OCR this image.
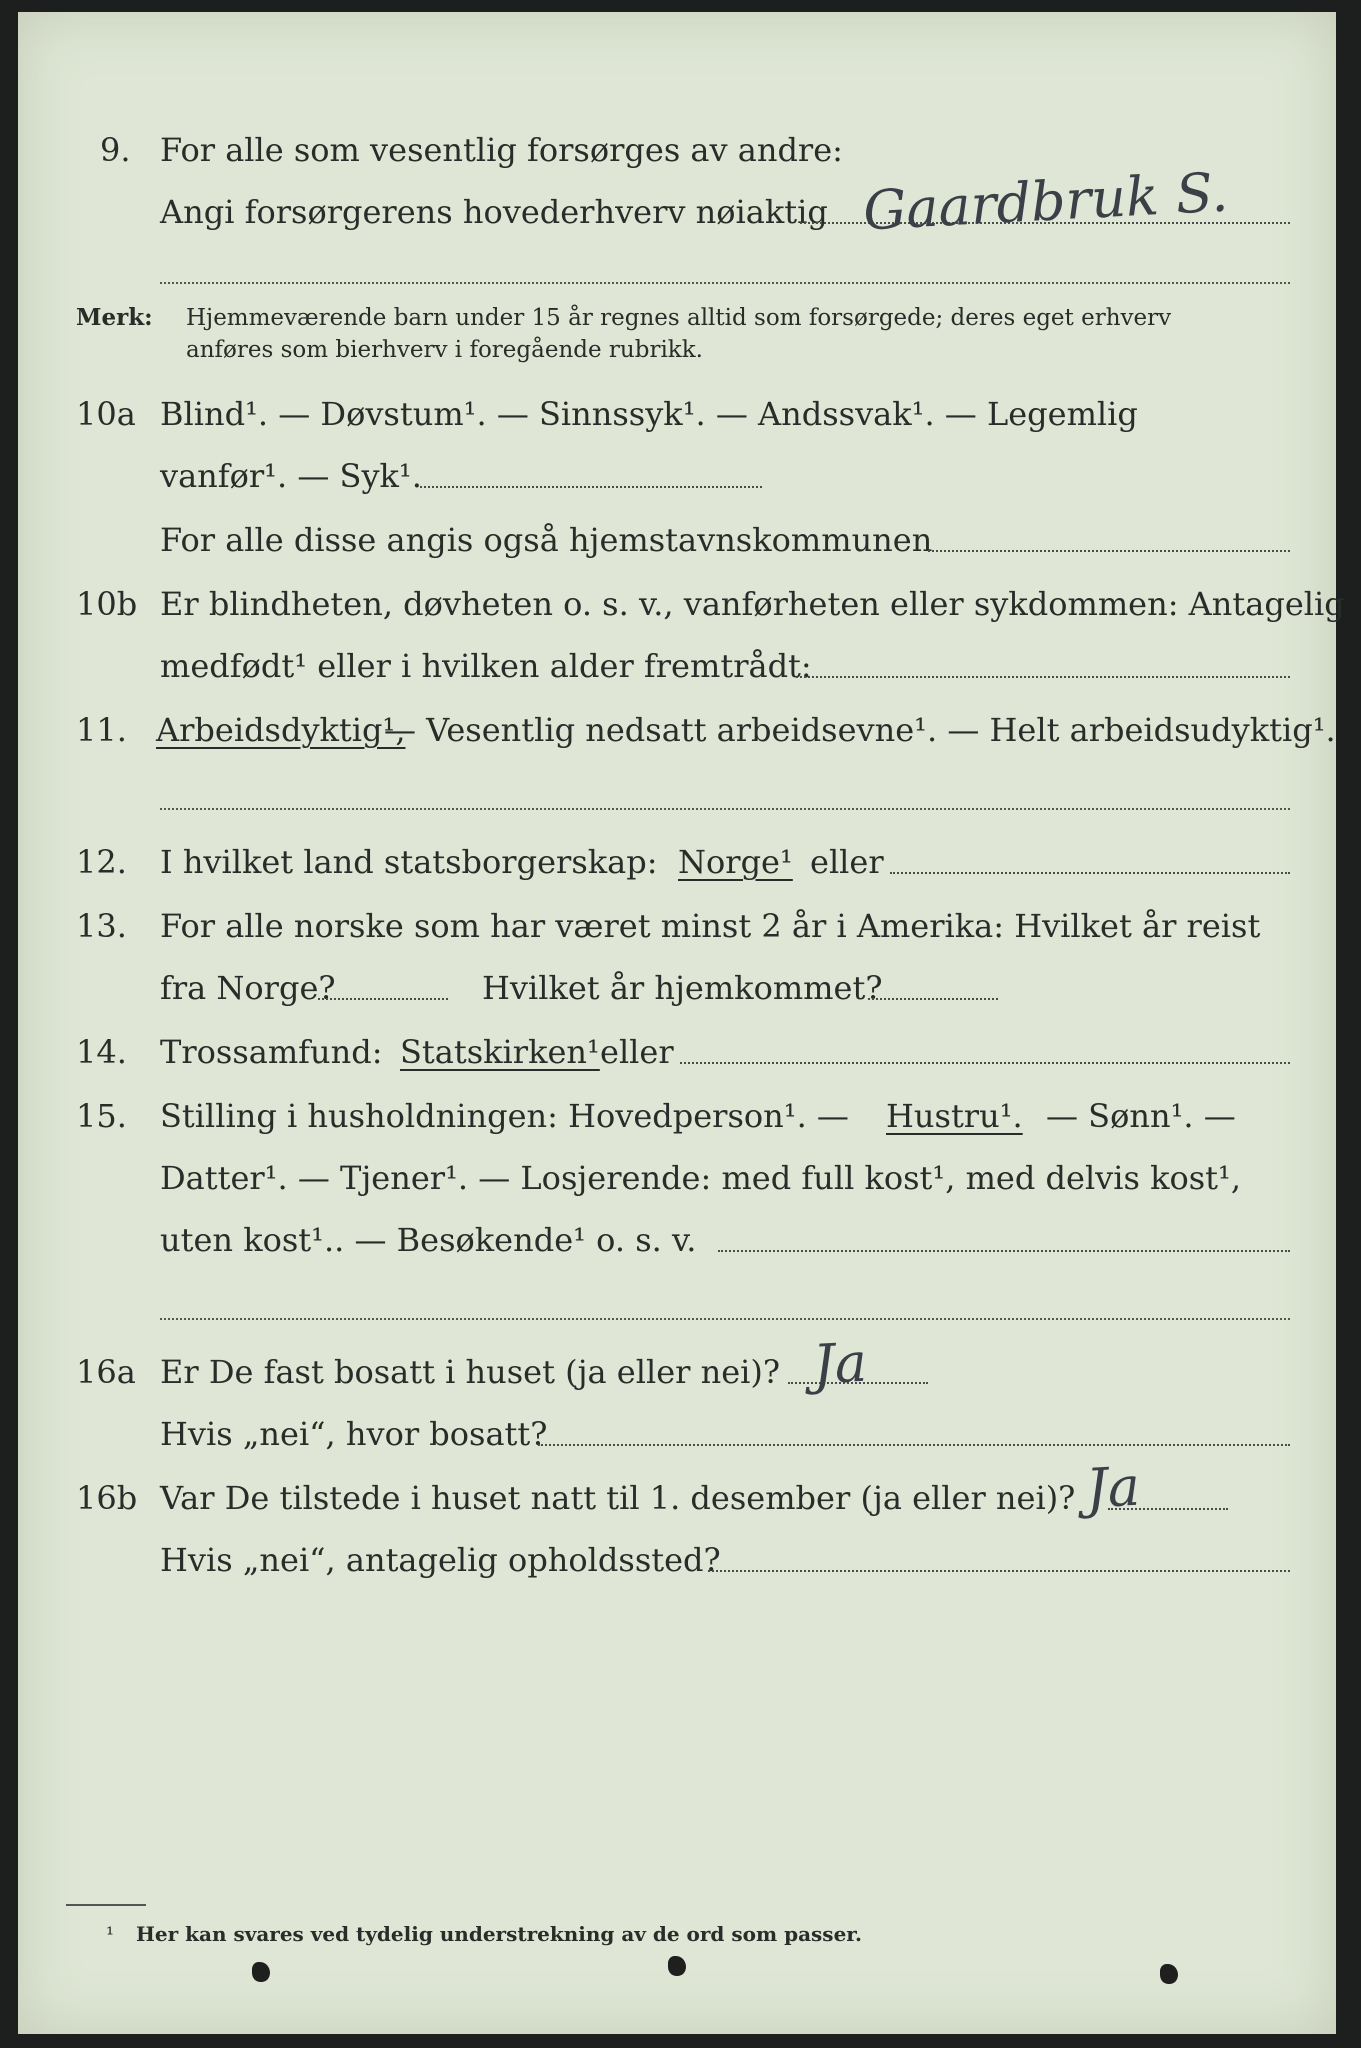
9. For alle som vesentlig forsørges av andre:
Angi forsørgerens hovederhverv nøiaktig Gaardbruk S.
Merk: Hjemmeværende barn under 15 år regnes alltid som forsørgede; deres eget erhverv
anføres som bierhverv i foregående rubrikk.
10a Blind¹. — Døvstum¹. — Sinnssyk¹. — Andssvak¹. — Legemlig
vanfør¹. — Syk¹.
For alle disse angis også hjemstavnskommunen
10b Er blindheten, døvheten o. s. v., vanførheten eller sykdommen: Antagelig
medfødt¹ eller i hvilken alder fremtrådt:
11. Arbeidsdyktig¹,
— Vesentlig nedsatt arbeidsevne¹. — Helt arbeidsudyktig¹.
12. I hvilket land statsborgerskap: Norge¹ eller
13. For alle norske som har været minst 2 år i Amerika: Hvilket år reist
fra Norge?	Hvilket år hjemkommet?
14. Trossamfund: Statskirken¹ eller
15. Stilling i husholdningen: Hovedperson¹. — Hustru¹. — Sønn¹. —
Datter¹. — Tjener¹. — Losjerende: med full kost¹, med delvis kost¹,
uten kost¹.. — Besøkende¹ o. s. v.
16a Er De fast bosatt i huset (ja eller nei)? Ja
Hvis „nei“, hvor bosatt?
16b Var De tilstede i huset natt til 1. desember (ja eller nei)? Ja
Hvis „nei“, antagelig opholdssted?
¹ Her kan svares ved tydelig understrekning av de ord som passer.
